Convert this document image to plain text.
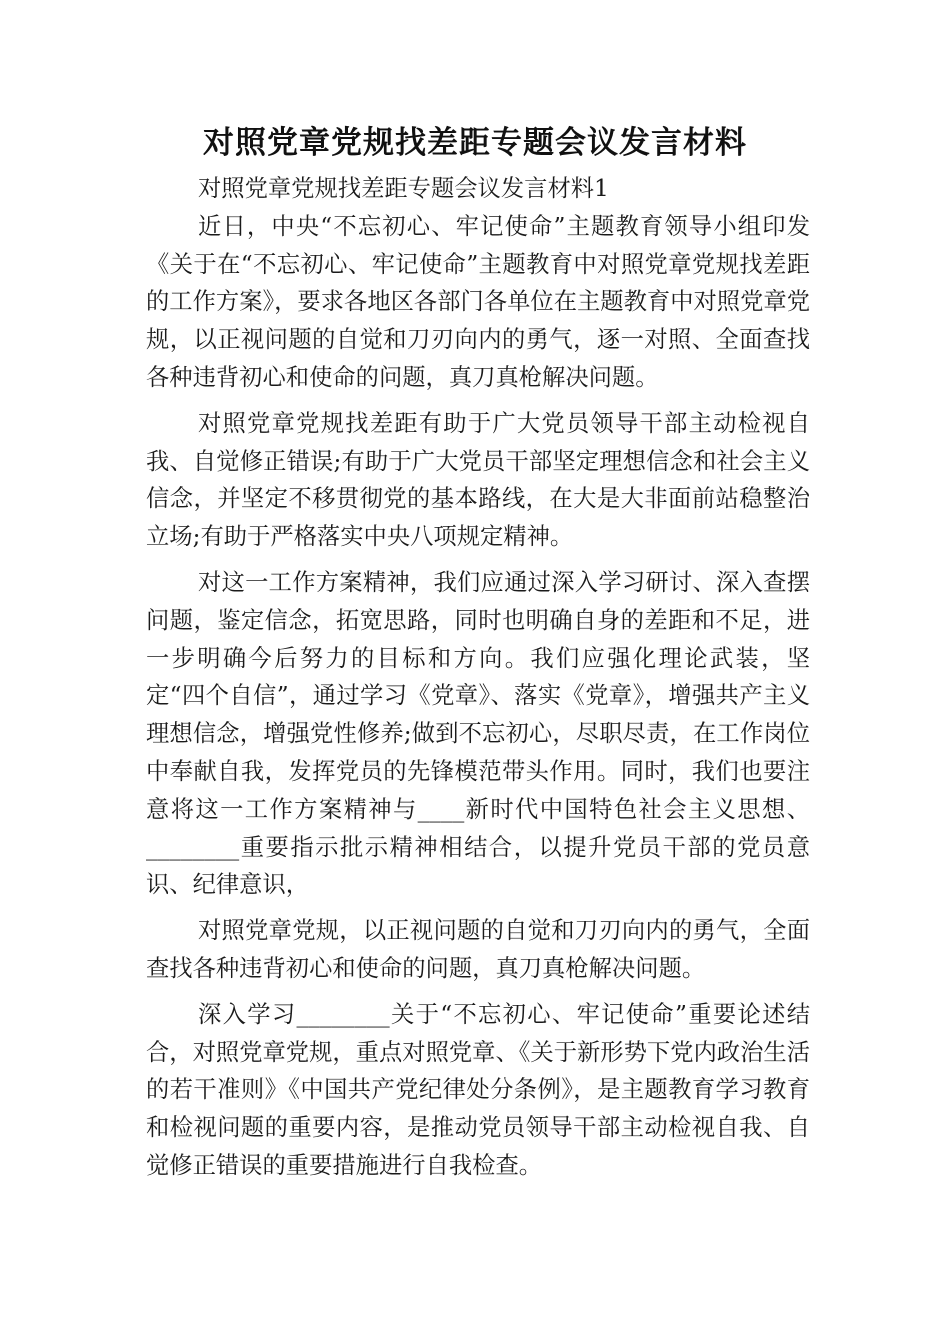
对照党章党规找差距专题会议发言材料

对照党章党规找差距专题会议发言材料1

近日，中央“不忘初心、牢记使命”主题教育领导小组印发《关于在“不忘初心、牢记使命”主题教育中对照党章党规找差距的工作方案》，要求各地区各部门各单位在主题教育中对照党章党规，以正视问题的自觉和刀刃向内的勇气，逐一对照、全面查找各种违背初心和使命的问题，真刀真枪解决问题。

对照党章党规找差距有助于广大党员领导干部主动检视自我、自觉修正错误;有助于广大党员干部坚定理想信念和社会主义信念，并坚定不移贯彻党的基本路线，在大是大非面前站稳整治立场;有助于严格落实中央八项规定精神。

对这一工作方案精神，我们应通过深入学习研讨、深入查摆问题，鉴定信念，拓宽思路，同时也明确自身的差距和不足，进一步明确今后努力的目标和方向。我们应强化理论武装，坚定“四个自信”，通过学习《党章》、落实《党章》，增强共产主义理想信念，增强党性修养;做到不忘初心，尽职尽责，在工作岗位中奉献自我，发挥党员的先锋模范带头作用。同时，我们也要注意将这一工作方案精神与____新时代中国特色社会主义思想、________重要指示批示精神相结合，以提升党员干部的党员意识、纪律意识，

对照党章党规，以正视问题的自觉和刀刃向内的勇气，全面查找各种违背初心和使命的问题，真刀真枪解决问题。

深入学习________关于“不忘初心、牢记使命”重要论述结合，对照党章党规，重点对照党章、《关于新形势下党内政治生活的若干准则》《中国共产党纪律处分条例》，是主题教育学习教育和检视问题的重要内容，是推动党员领导干部主动检视自我、自觉修正错误的重要措施进行自我检查。
